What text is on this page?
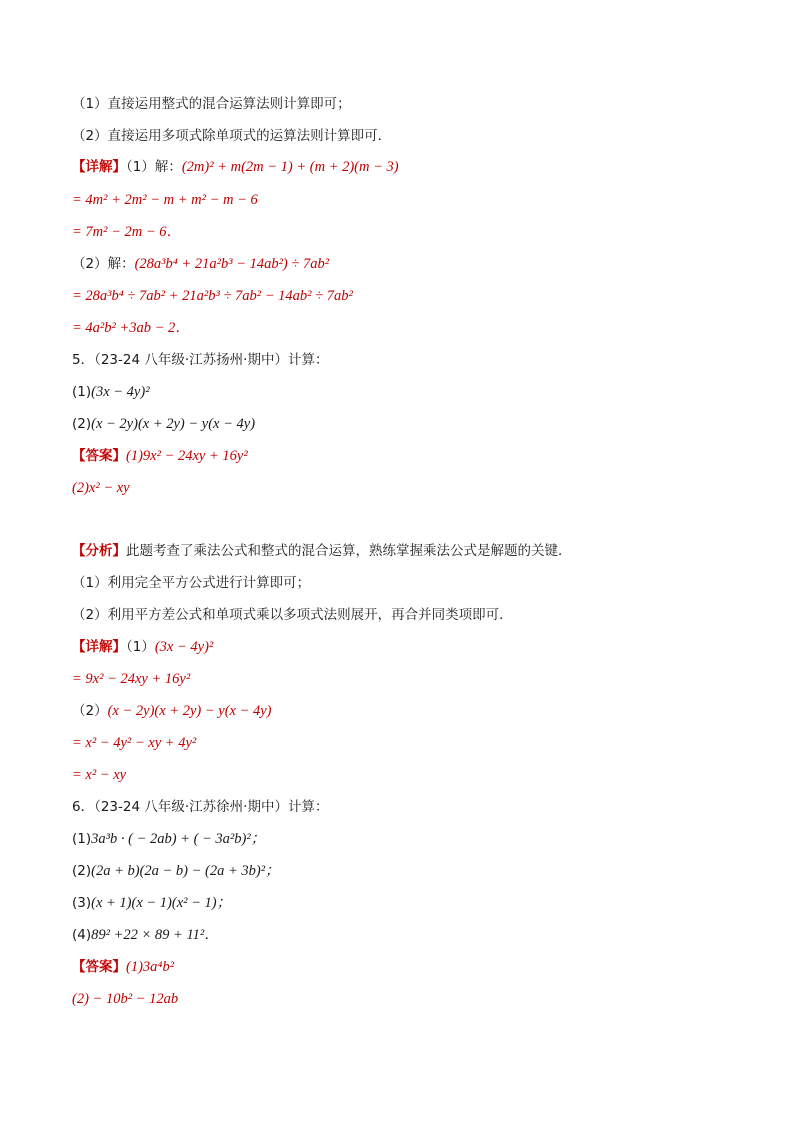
（1）直接运用整式的混合运算法则计算即可；
（2）直接运用多项式除单项式的运算法则计算即可．
【详解】（1）解：(2m)² + m(2m − 1) + (m + 2)(m − 3)
= 4m² + 2m² − m + m² − m − 6
= 7m² − 2m − 6．
（2）解：(28a³b⁴ + 21a²b³ − 14ab²) ÷ 7ab²
= 28a³b⁴ ÷ 7ab² + 21a²b³ ÷ 7ab² − 14ab² ÷ 7ab²
= 4a²b² +3ab − 2．
5．（23-24 八年级·江苏扬州·期中）计算：
(1)(3x − 4y)²
(2)(x − 2y)(x + 2y) − y(x − 4y)
【答案】(1)9x² − 24xy + 16y²
(2)x² − xy
【分析】此题考查了乘法公式和整式的混合运算，熟练掌握乘法公式是解题的关键．
（1）利用完全平方公式进行计算即可；
（2）利用平方差公式和单项式乘以多项式法则展开，再合并同类项即可．
【详解】（1）(3x − 4y)²
= 9x² − 24xy + 16y²
（2）(x − 2y)(x + 2y) − y(x − 4y)
= x² − 4y² − xy + 4y²
= x² − xy
6．（23-24 八年级·江苏徐州·期中）计算：
(1)3a³b · ( − 2ab) + ( − 3a²b)²；
(2)(2a + b)(2a − b) − (2a + 3b)²；
(3)(x + 1)(x − 1)(x² − 1)；
(4)89² +22 × 89 + 11²．
【答案】(1)3a⁴b²
(2) − 10b² − 12ab
